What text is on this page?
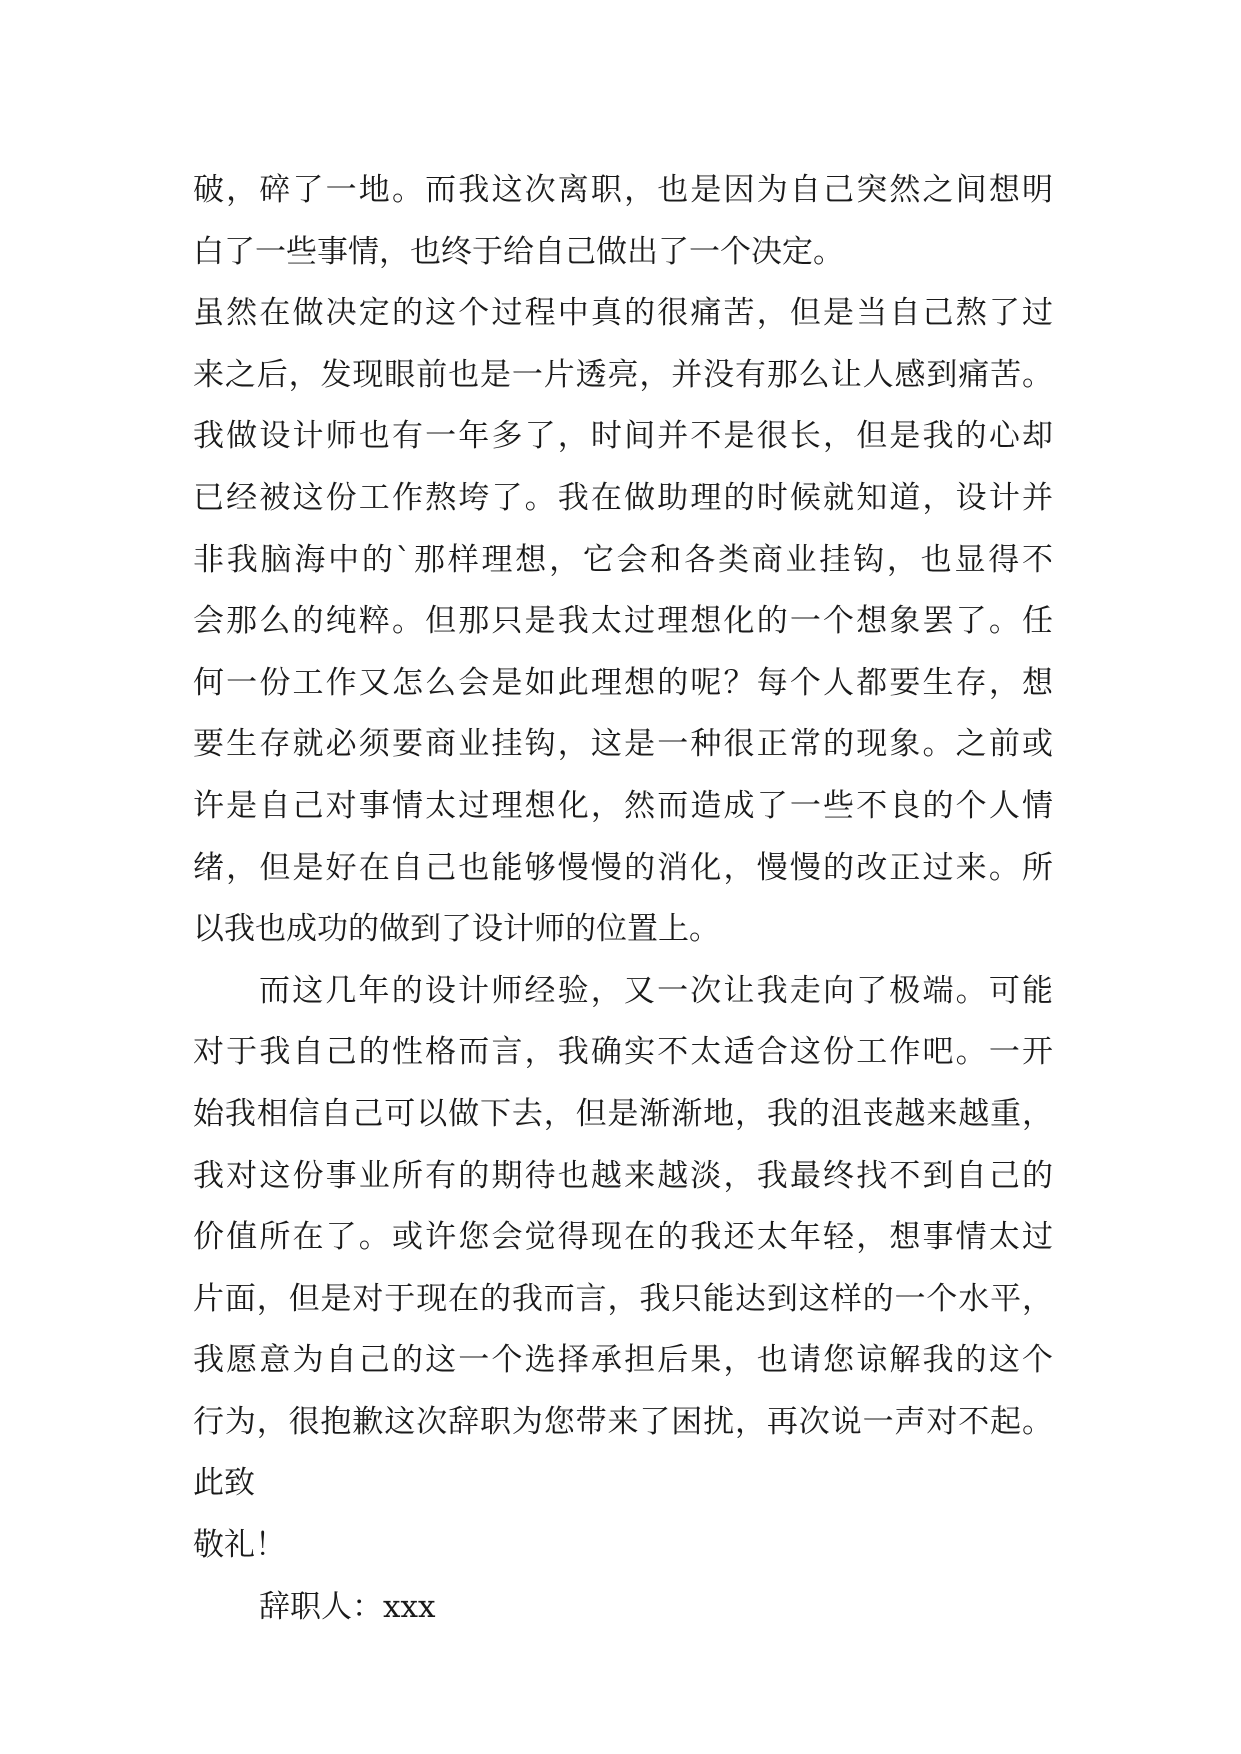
破，碎了一地。而我这次离职，也是因为自己突然之间想明
白了一些事情，也终于给自己做出了一个决定。
虽然在做决定的这个过程中真的很痛苦，但是当自己熬了过
来之后，发现眼前也是一片透亮，并没有那么让人感到痛苦。
我做设计师也有一年多了，时间并不是很长，但是我的心却
已经被这份工作熬垮了。我在做助理的时候就知道，设计并
非我脑海中的`那样理想，它会和各类商业挂钩，也显得不
会那么的纯粹。但那只是我太过理想化的一个想象罢了。任
何一份工作又怎么会是如此理想的呢？每个人都要生存，想
要生存就必须要商业挂钩，这是一种很正常的现象。之前或
许是自己对事情太过理想化，然而造成了一些不良的个人情
绪，但是好在自己也能够慢慢的消化，慢慢的改正过来。所
以我也成功的做到了设计师的位置上。
而这几年的设计师经验，又一次让我走向了极端。可能
对于我自己的性格而言，我确实不太适合这份工作吧。一开
始我相信自己可以做下去，但是渐渐地，我的沮丧越来越重，
我对这份事业所有的期待也越来越淡，我最终找不到自己的
价值所在了。或许您会觉得现在的我还太年轻，想事情太过
片面，但是对于现在的我而言，我只能达到这样的一个水平，
我愿意为自己的这一个选择承担后果，也请您谅解我的这个
行为，很抱歉这次辞职为您带来了困扰，再次说一声对不起。
此致
敬礼！
辞职人：xxx
